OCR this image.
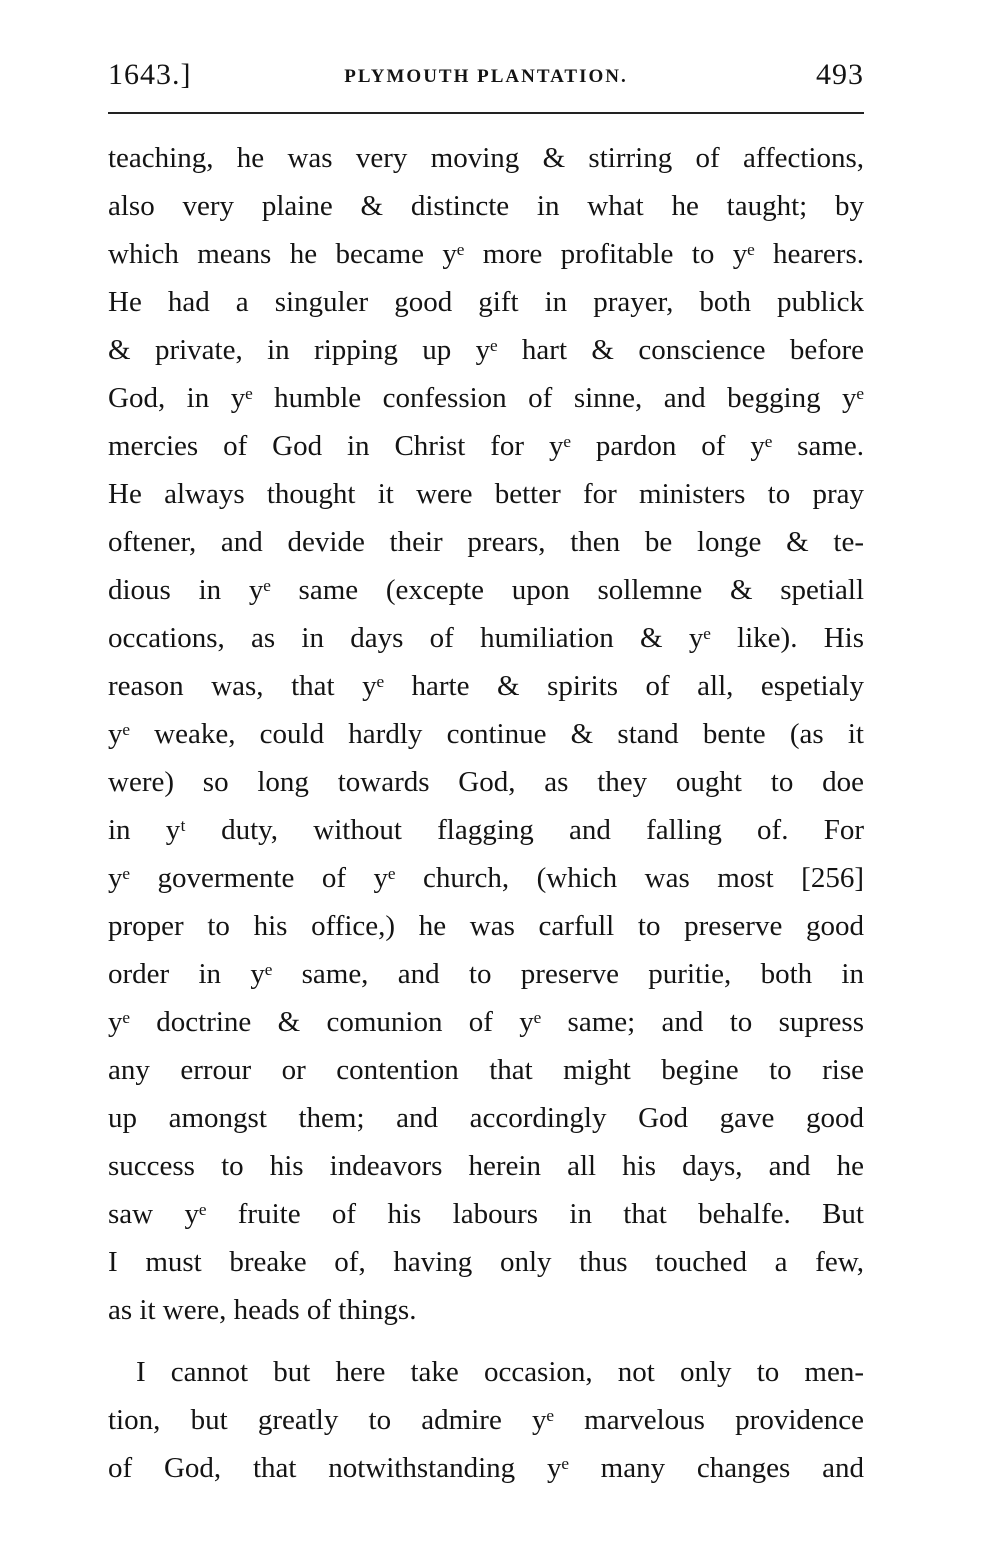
1643.]	PLYMOUTH PLANTATION.	493
teaching, he was very moving & stirring of affections,
also very plaine & distincte in what he taught; by
which means he became yᵉ more profitable to yᵉ hearers.
He had a singuler good gift in prayer, both publick
& private, in ripping up yᵉ hart & conscience before
God, in yᵉ humble confession of sinne, and begging yᵉ
mercies of God in Christ for yᵉ pardon of yᵉ same.
He always thought it were better for ministers to pray
oftener, and devide their prears, then be longe & te-
dious in yᵉ same (excepte upon sollemne & spetiall
occations, as in days of humiliation & yᵉ like). His
reason was, that yᵉ harte & spirits of all, espetialy
yᵉ weake, could hardly continue & stand bente (as it
were) so long towards God, as they ought to doe
in yᵗ duty, without flagging and falling of. For
yᵉ govermente of yᵉ church, (which was most [256]
proper to his office,) he was carfull to preserve good
order in yᵉ same, and to preserve puritie, both in
yᵉ doctrine & comunion of yᵉ same; and to supress
any errour or contention that might begine to rise
up amongst them; and accordingly God gave good
success to his indeavors herein all his days, and he
saw yᵉ fruite of his labours in that behalfe. But
I must breake of, having only thus touched a few,
as it were, heads of things.
I cannot but here take occasion, not only to men-
tion, but greatly to admire yᵉ marvelous providence
of God, that notwithstanding yᵉ many changes and
